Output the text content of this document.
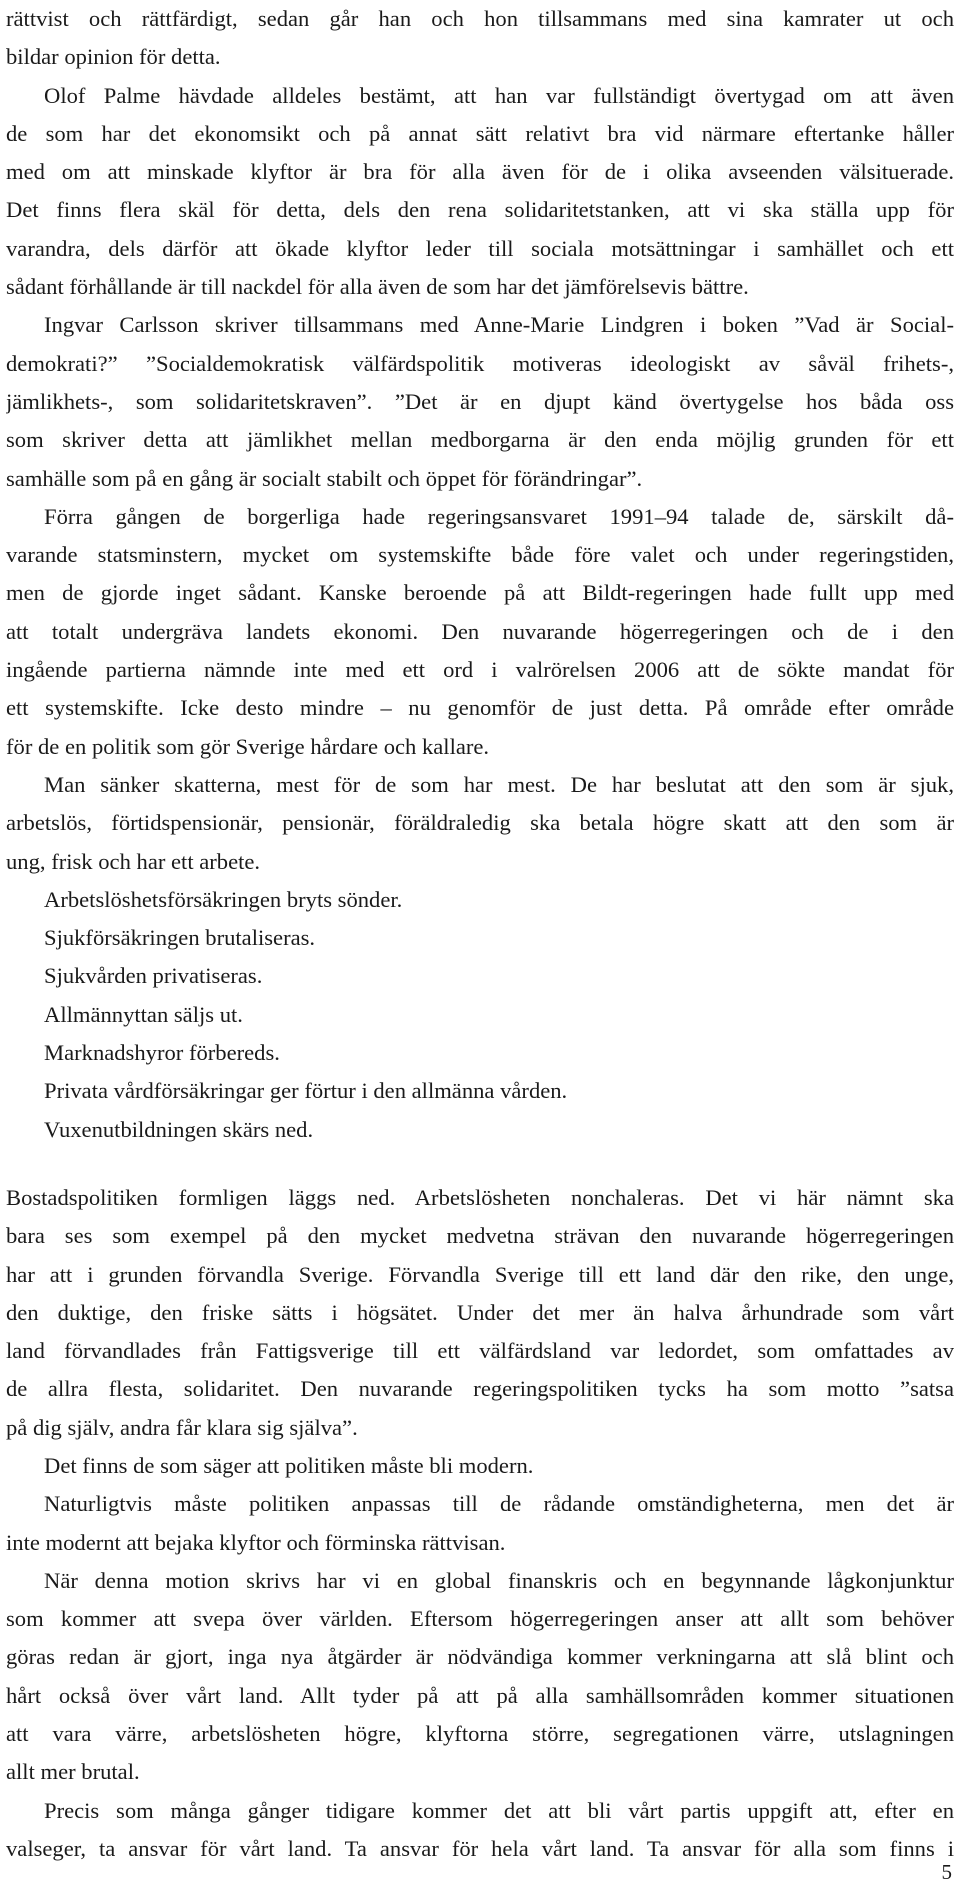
rättvist och rättfärdigt, sedan går han och hon tillsammans med sina kamrater ut och
bildar opinion för detta.
Olof Palme hävdade alldeles bestämt, att han var fullständigt övertygad om att även
de som har det ekonomsikt och på annat sätt relativt bra vid närmare eftertanke håller
med om att minskade klyftor är bra för alla även för de i olika avseenden välsituerade.
Det finns flera skäl för detta, dels den rena solidaritetstanken, att vi ska ställa upp för
varandra, dels därför att ökade klyftor leder till sociala motsättningar i samhället och ett
sådant förhållande är till nackdel för alla även de som har det jämförelsevis bättre.
Ingvar Carlsson skriver tillsammans med Anne-Marie Lindgren i boken ”Vad är Social-
demokrati?” ”Socialdemokratisk välfärdspolitik motiveras ideologiskt av såväl frihets-,
jämlikhets-, som solidaritetskraven”. ”Det är en djupt känd övertygelse hos båda oss
som skriver detta att jämlikhet mellan medborgarna är den enda möjlig grunden för ett
samhälle som på en gång är socialt stabilt och öppet för förändringar”.
Förra gången de borgerliga hade regeringsansvaret 1991–94 talade de, särskilt då-
varande statsminstern, mycket om systemskifte både före valet och under regeringstiden,
men de gjorde inget sådant. Kanske beroende på att Bildt-regeringen hade fullt upp med
att totalt undergräva landets ekonomi. Den nuvarande högerregeringen och de i den
ingående partierna nämnde inte med ett ord i valrörelsen 2006 att de sökte mandat för
ett systemskifte. Icke desto mindre – nu genomför de just detta. På område efter område
för de en politik som gör Sverige hårdare och kallare.
Man sänker skatterna, mest för de som har mest. De har beslutat att den som är sjuk,
arbetslös, förtidspensionär, pensionär, föräldraledig ska betala högre skatt att den som är
ung, frisk och har ett arbete.
Arbetslöshetsförsäkringen bryts sönder.
Sjukförsäkringen brutaliseras.
Sjukvården privatiseras.
Allmännyttan säljs ut.
Marknadshyror förbereds.
Privata vårdförsäkringar ger förtur i den allmänna vården.
Vuxenutbildningen skärs ned.
Bostadspolitiken formligen läggs ned. Arbetslösheten nonchaleras. Det vi här nämnt ska
bara ses som exempel på den mycket medvetna strävan den nuvarande högerregeringen
har att i grunden förvandla Sverige. Förvandla Sverige till ett land där den rike, den unge,
den duktige, den friske sätts i högsätet. Under det mer än halva århundrade som vårt
land förvandlades från Fattigsverige till ett välfärdsland var ledordet, som omfattades av
de allra flesta, solidaritet. Den nuvarande regeringspolitiken tycks ha som motto ”satsa
på dig själv, andra får klara sig själva”.
Det finns de som säger att politiken måste bli modern.
Naturligtvis måste politiken anpassas till de rådande omständigheterna, men det är
inte modernt att bejaka klyftor och förminska rättvisan.
När denna motion skrivs har vi en global finanskris och en begynnande lågkonjunktur
som kommer att svepa över världen. Eftersom högerregeringen anser att allt som behöver
göras redan är gjort, inga nya åtgärder är nödvändiga kommer verkningarna att slå blint och
hårt också över vårt land. Allt tyder på att på alla samhällsområden kommer situationen
att vara värre, arbetslösheten högre, klyftorna större, segregationen värre, utslagningen
allt mer brutal.
Precis som många gånger tidigare kommer det att bli vårt partis uppgift att, efter en
valseger, ta ansvar för vårt land. Ta ansvar för hela vårt land. Ta ansvar för alla som finns i
5
